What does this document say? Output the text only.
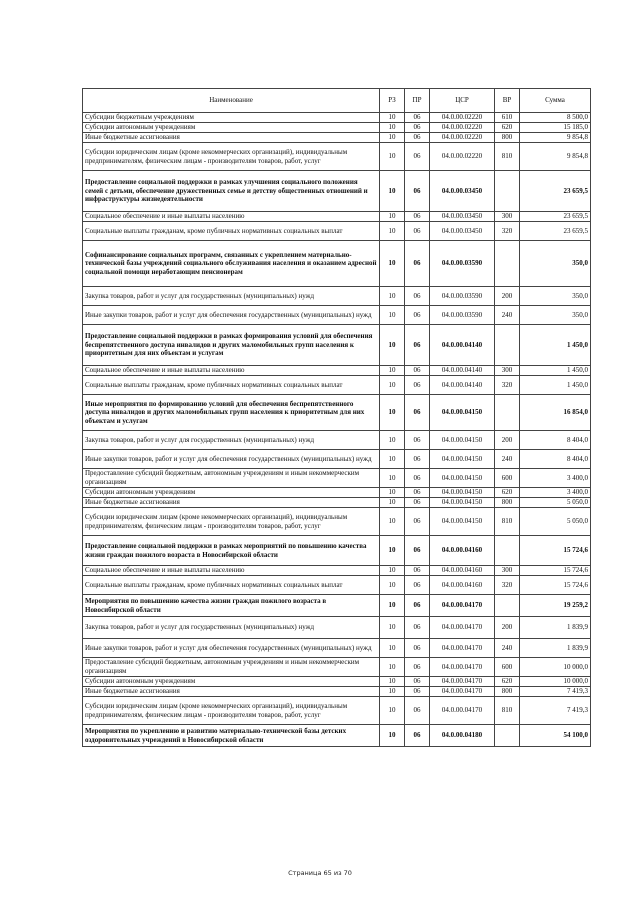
Наименование	РЗ	ПР	ЦСР	ВР	Сумма
Субсидии бюджетным учреждениям	10	06	04.0.00.02220	610	8 500,0
Субсидии автономным учреждениям	10	06	04.0.00.02220	620	15 185,0
Иные бюджетные ассигнования	10	06	04.0.00.02220	800	9 854,8
Субсидии юридическим лицам (кроме некоммерческих организаций), индивидуальным предпринимателям, физическим лицам - производителям товаров, работ, услуг	10	06	04.0.00.02220	810	9 854,8
Предоставление социальной поддержки в рамках улучшения социального положения семей с детьми, обеспечение дружественных семье и детству общественных отношений и инфраструктуры жизнедеятельности	10	06	04.0.00.03450		23 659,5
Социальное обеспечение и иные выплаты населению	10	06	04.0.00.03450	300	23 659,5
Социальные выплаты гражданам, кроме публичных нормативных социальных выплат	10	06	04.0.00.03450	320	23 659,5
Софинансирование социальных программ, связанных с укреплением материально-технической базы учреждений социального обслуживания населения и оказанием адресной социальной помощи неработающим пенсионерам	10	06	04.0.00.03590		350,0
Закупка товаров, работ и услуг для государственных (муниципальных) нужд	10	06	04.0.00.03590	200	350,0
Иные закупки товаров, работ и услуг для обеспечения государственных (муниципальных) нужд	10	06	04.0.00.03590	240	350,0
Предоставление социальной поддержки в рамках формирования условий для обеспечения беспрепятственного доступа инвалидов и других маломобильных групп населения к приоритетным для них объектам и услугам	10	06	04.0.00.04140		1 450,0
Социальное обеспечение и иные выплаты населению	10	06	04.0.00.04140	300	1 450,0
Социальные выплаты гражданам, кроме публичных нормативных социальных выплат	10	06	04.0.00.04140	320	1 450,0
Иные мероприятия по формированию условий для обеспечения беспрепятственного доступа инвалидов и других маломобильных групп населения к приоритетным для них объектам и услугам	10	06	04.0.00.04150		16 854,0
Закупка товаров, работ и услуг для государственных (муниципальных) нужд	10	06	04.0.00.04150	200	8 404,0
Иные закупки товаров, работ и услуг для обеспечения государственных (муниципальных) нужд	10	06	04.0.00.04150	240	8 404,0
Предоставление субсидий бюджетным, автономным учреждениям и иным некоммерческим организациям	10	06	04.0.00.04150	600	3 400,0
Субсидии автономным учреждениям	10	06	04.0.00.04150	620	3 400,0
Иные бюджетные ассигнования	10	06	04.0.00.04150	800	5 050,0
Субсидии юридическим лицам (кроме некоммерческих организаций), индивидуальным предпринимателям, физическим лицам - производителям товаров, работ, услуг	10	06	04.0.00.04150	810	5 050,0
Предоставление социальной поддержки в рамках мероприятий по повышению качества жизни граждан пожилого возраста в Новосибирской области	10	06	04.0.00.04160		15 724,6
Социальное обеспечение и иные выплаты населению	10	06	04.0.00.04160	300	15 724,6
Социальные выплаты гражданам, кроме публичных нормативных социальных выплат	10	06	04.0.00.04160	320	15 724,6
Мероприятия по повышению качества жизни граждан пожилого возраста в Новосибирской области	10	06	04.0.00.04170		19 259,2
Закупка товаров, работ и услуг для государственных (муниципальных) нужд	10	06	04.0.00.04170	200	1 839,9
Иные закупки товаров, работ и услуг для обеспечения государственных (муниципальных) нужд	10	06	04.0.00.04170	240	1 839,9
Предоставление субсидий бюджетным, автономным учреждениям и иным некоммерческим организациям	10	06	04.0.00.04170	600	10 000,0
Субсидии автономным учреждениям	10	06	04.0.00.04170	620	10 000,0
Иные бюджетные ассигнования	10	06	04.0.00.04170	800	7 419,3
Субсидии юридическим лицам (кроме некоммерческих организаций), индивидуальным предпринимателям, физическим лицам - производителям товаров, работ, услуг	10	06	04.0.00.04170	810	7 419,3
Мероприятия по укреплению и развитию материально-технической базы детских оздоровительных учреждений в Новосибирской области	10	06	04.0.00.04180		54 100,0
Страница 65 из 70
